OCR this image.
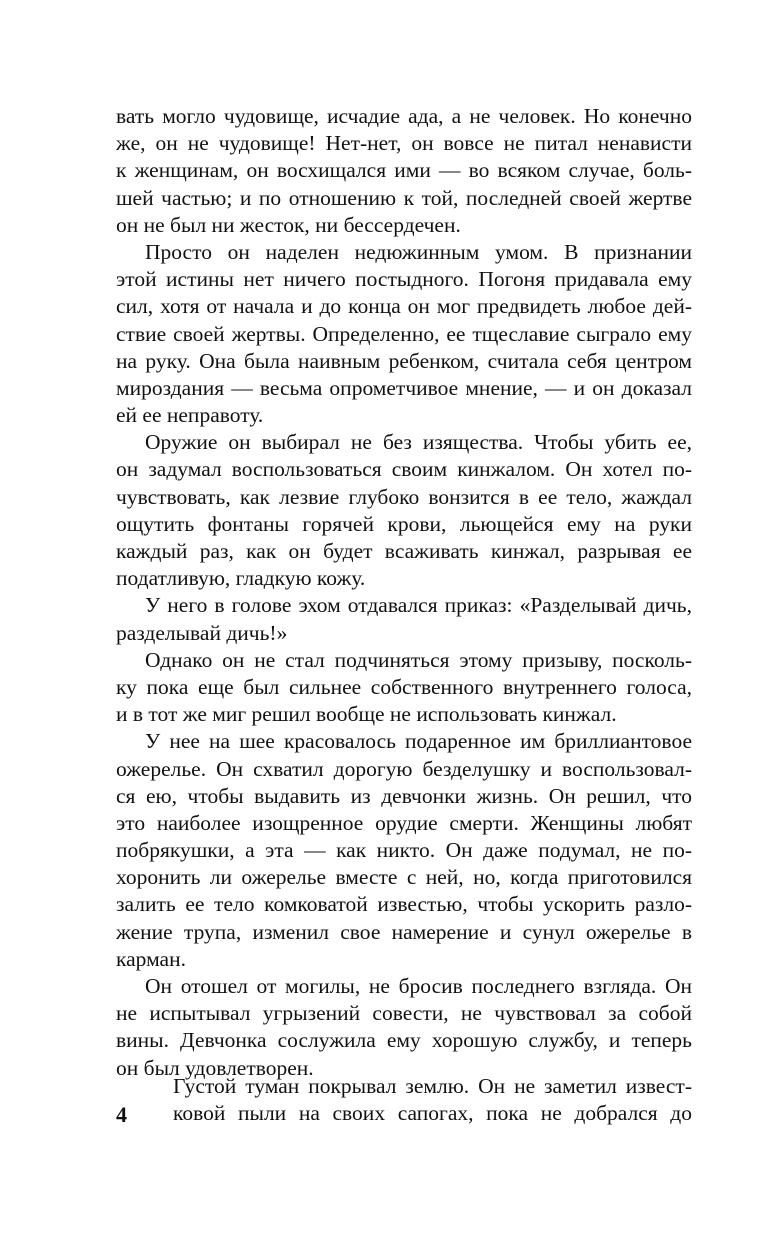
вать могло чудовище, исчадие ада, а не человек. Но конечно
же, он не чудовище! Нет-нет, он вовсе не питал ненависти
к женщинам, он восхищался ими — во всяком случае, боль-
шей частью; и по отношению к той, последней своей жертве
он не был ни жесток, ни бессердечен.
Просто он наделен недюжинным умом. В признании
этой истины нет ничего постыдного. Погоня придавала ему
сил, хотя от начала и до конца он мог предвидеть любое дей-
ствие своей жертвы. Определенно, ее тщеславие сыграло ему
на руку. Она была наивным ребенком, считала себя центром
мироздания — весьма опрометчивое мнение, — и он доказал
ей ее неправоту.
Оружие он выбирал не без изящества. Чтобы убить ее,
он задумал воспользоваться своим кинжалом. Он хотел по-
чувствовать, как лезвие глубоко вонзится в ее тело, жаждал
ощутить фонтаны горячей крови, льющейся ему на руки
каждый раз, как он будет всаживать кинжал, разрывая ее
податливую, гладкую кожу.
У него в голове эхом отдавался приказ: «Разделывай дичь,
разделывай дичь!»
Однако он не стал подчиняться этому призыву, посколь-
ку пока еще был сильнее собственного внутреннего голоса,
и в тот же миг решил вообще не использовать кинжал.
У нее на шее красовалось подаренное им бриллиантовое
ожерелье. Он схватил дорогую безделушку и воспользовал-
ся ею, чтобы выдавить из девчонки жизнь. Он решил, что
это наиболее изощренное орудие смерти. Женщины любят
побрякушки, а эта — как никто. Он даже подумал, не по-
хоронить ли ожерелье вместе с ней, но, когда приготовился
залить ее тело комковатой известью, чтобы ускорить разло-
жение трупа, изменил свое намерение и сунул ожерелье в
карман.
Он отошел от могилы, не бросив последнего взгляда. Он
не испытывал угрызений совести, не чувствовал за собой
вины. Девчонка сослужила ему хорошую службу, и теперь
он был удовлетворен.
Густой туман покрывал землю. Он не заметил извест-
ковой пыли на своих сапогах, пока не добрался до
4
